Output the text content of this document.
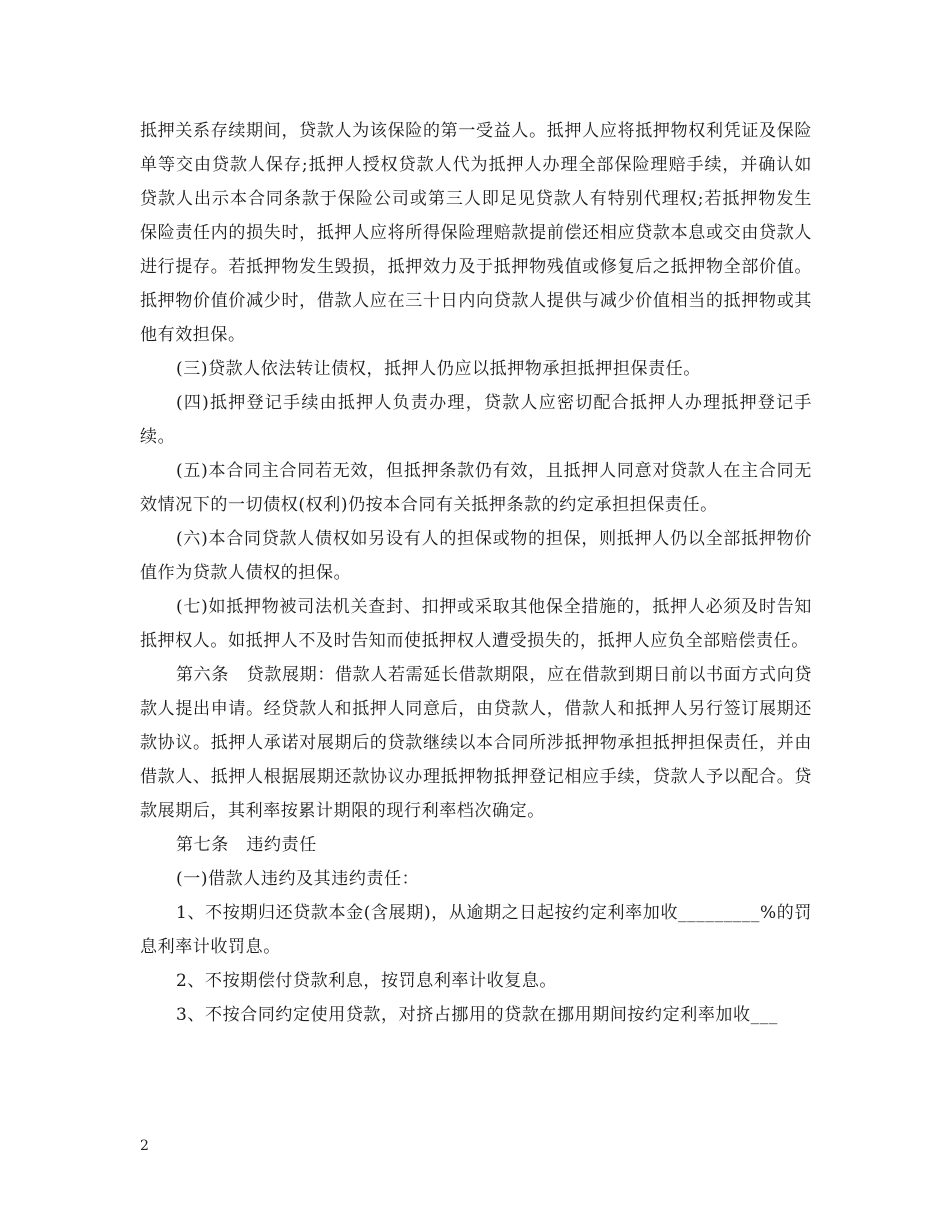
抵押关系存续期间，贷款人为该保险的第一受益人。抵押人应将抵押物权利凭证及保险单等交由贷款人保存;抵押人授权贷款人代为抵押人办理全部保险理赔手续，并确认如贷款人出示本合同条款于保险公司或第三人即足见贷款人有特别代理权;若抵押物发生保险责任内的损失时，抵押人应将所得保险理赔款提前偿还相应贷款本息或交由贷款人进行提存。若抵押物发生毁损，抵押效力及于抵押物残值或修复后之抵押物全部价值。抵押物价值价减少时，借款人应在三十日内向贷款人提供与减少价值相当的抵押物或其他有效担保。

(三)贷款人依法转让债权，抵押人仍应以抵押物承担抵押担保责任。

(四)抵押登记手续由抵押人负责办理，贷款人应密切配合抵押人办理抵押登记手续。

(五)本合同主合同若无效，但抵押条款仍有效，且抵押人同意对贷款人在主合同无效情况下的一切债权(权利)仍按本合同有关抵押条款的约定承担担保责任。

(六)本合同贷款人债权如另设有人的担保或物的担保，则抵押人仍以全部抵押物价值作为贷款人债权的担保。

(七)如抵押物被司法机关查封、扣押或采取其他保全措施的，抵押人必须及时告知抵押权人。如抵押人不及时告知而使抵押权人遭受损失的，抵押人应负全部赔偿责任。

第六条　贷款展期：借款人若需延长借款期限，应在借款到期日前以书面方式向贷款人提出申请。经贷款人和抵押人同意后，由贷款人，借款人和抵押人另行签订展期还款协议。抵押人承诺对展期后的贷款继续以本合同所涉抵押物承担抵押担保责任，并由借款人、抵押人根据展期还款协议办理抵押物抵押登记相应手续，贷款人予以配合。贷款展期后，其利率按累计期限的现行利率档次确定。

第七条　违约责任

(一)借款人违约及其违约责任：

1、不按期归还贷款本金(含展期)，从逾期之日起按约定利率加收_________%的罚息利率计收罚息。

2、不按期偿付贷款利息，按罚息利率计收复息。

3、不按合同约定使用贷款，对挤占挪用的贷款在挪用期间按约定利率加收___

2
